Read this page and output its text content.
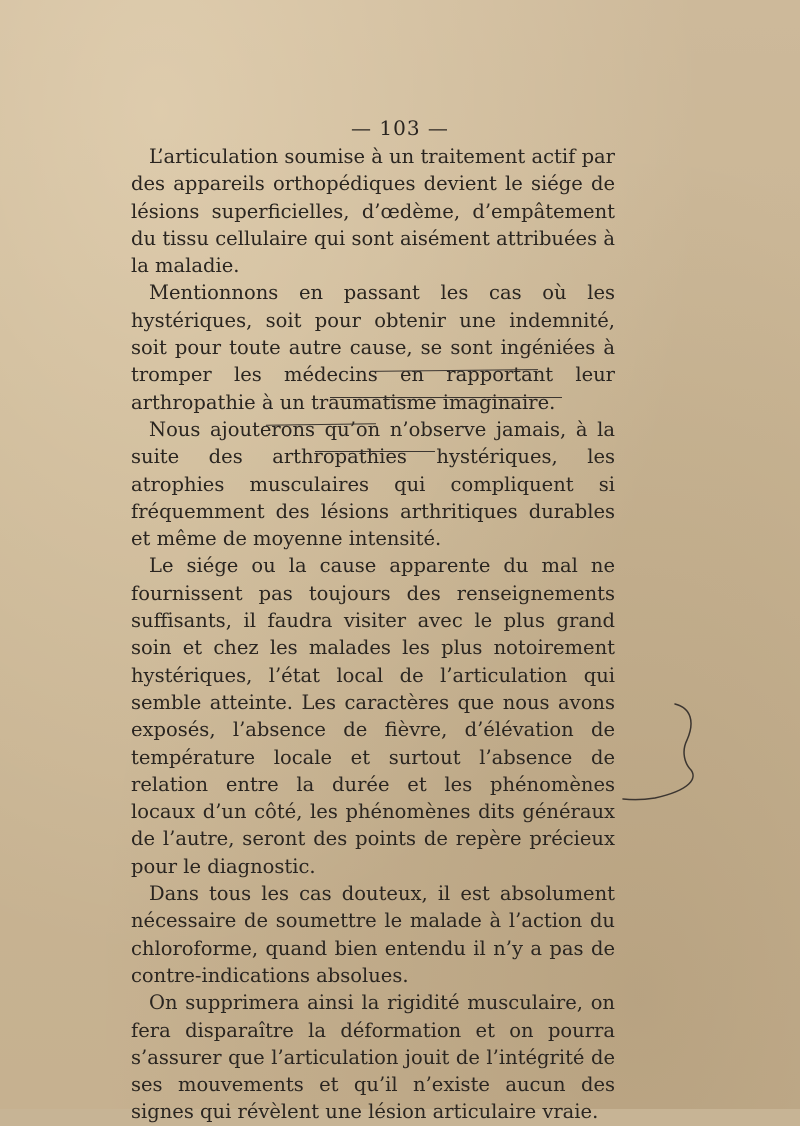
— 103 —

L’articulation soumise à un traitement actif par des appareils orthopédiques devient le siége de lésions superficielles, d’œdème, d’empâtement du tissu cellulaire qui sont aisément attribuées à la maladie.

Mentionnons en passant les cas où les hystériques, soit pour obtenir une indemnité, soit pour toute autre cause, se sont ingéniées à tromper les médecins en rapportant leur arthropathie à un traumatisme imaginaire.

Nous ajouterons qu’on n’observe jamais, à la suite des arthropathies hystériques, les atrophies musculaires qui compliquent si fréquemment des lésions arthritiques durables et même de moyenne intensité.

Le siége ou la cause apparente du mal ne fournissent pas toujours des renseignements suffisants, il faudra visiter avec le plus grand soin et chez les malades les plus notoirement hystériques, l’état local de l’articulation qui semble atteinte. Les caractères que nous avons exposés, l’absence de fièvre, d’élévation de température locale et surtout l’absence de relation entre la durée et les phénomènes locaux d’un côté, les phénomènes dits généraux de l’autre, seront des points de repère précieux pour le diagnostic.

Dans tous les cas douteux, il est absolument nécessaire de soumettre le malade à l’action du chloroforme, quand bien entendu il n’y a pas de contre-indications absolues.

On supprimera ainsi la rigidité musculaire, on fera disparaître la déformation et on pourra s’assurer que l’articulation jouit de l’intégrité de ses mouvements et qu’il n’existe aucun des signes qui révèlent une lésion articulaire vraie.
